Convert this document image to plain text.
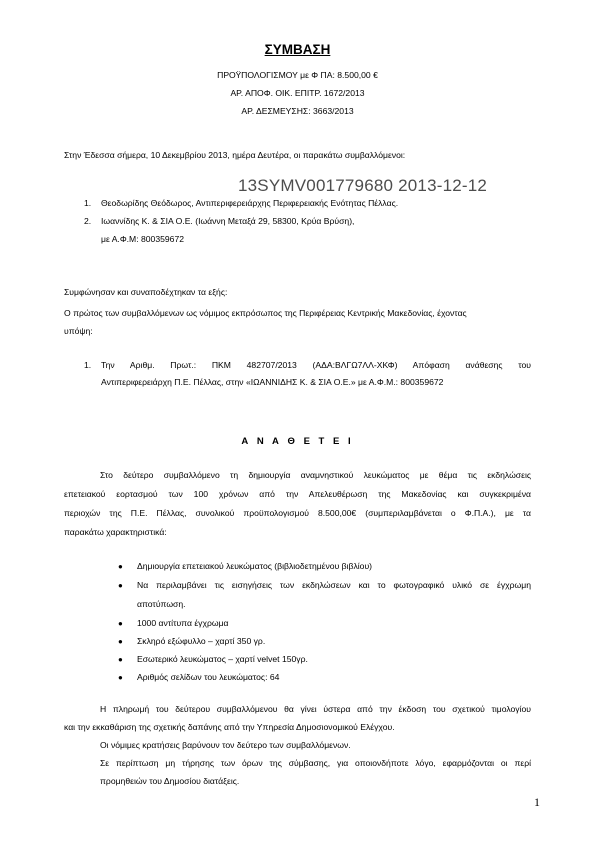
ΣΥΜΒΑΣΗ
ΠΡΟΫΠΟΛΟΓΙΣΜΟΥ με Φ ΠΑ: 8.500,00 €
ΑΡ. ΑΠΟΦ. ΟΙΚ. ΕΠΙΤΡ. 1672/2013
ΑΡ. ΔΕΣΜΕΥΣΗΣ: 3663/2013
Στην Έδεσσα σήμερα, 10 Δεκεμβρίου 2013, ημέρα Δευτέρα, οι παρακάτω συμβαλλόμενοι:
13SYMV001779680 2013-12-12
1. Θεοδωρίδης Θεόδωρος, Αντιπεριφερειάρχης Περιφερειακής Ενότητας Πέλλας.
2. Ιωαννίδης Κ. & ΣΙΑ Ο.Ε. (Ιωάννη Μεταξά 29, 58300, Κρύα Βρύση),
με Α.Φ.Μ: 800359672
Συμφώνησαν και συναποδέχτηκαν τα εξής:
Ο πρώτος των συμβαλλόμενων ως νόμιμος εκπρόσωπος της Περιφέρειας Κεντρικής Μακεδονίας, έχοντας
υπόψη:
1. Την Αριθμ. Πρωτ.: ΠΚΜ 482707/2013 (ΑΔΑ:ΒΛΓΩ7ΛΛ-ΧΚΦ) Απόφαση ανάθεσης του
Αντιπεριφερειάρχη Π.Ε. Πέλλας, στην «ΙΩΑΝΝΙΔΗΣ Κ. & ΣΙΑ Ο.Ε.» με Α.Φ.Μ.: 800359672
Α Ν Α Θ Ε Τ Ε Ι
Στο δεύτερο συμβαλλόμενο τη δημιουργία αναμνηστικού λευκώματος με θέμα τις εκδηλώσεις
επετειακού εορτασμού των 100 χρόνων από την Απελευθέρωση της Μακεδονίας και συγκεκριμένα
περιοχών της Π.Ε. Πέλλας, συνολικού προϋπολογισμού 8.500,00€ (συμπεριλαμβάνεται ο Φ.Π.Α.), με τα
παρακάτω χαρακτηριστικά:
● Δημιουργία επετειακού λευκώματος (βιβλιοδετημένου βιβλίου)
● Να περιλαμβάνει τις εισηγήσεις των εκδηλώσεων και το φωτογραφικό υλικό σε έγχρωμη
αποτύπωση.
● 1000 αντίτυπα έγχρωμα
● Σκληρό εξώφυλλο – χαρτί 350 γρ.
● Εσωτερικό λευκώματος – χαρτί velvet 150γρ.
● Αριθμός σελίδων του λευκώματος: 64
Η πληρωμή του δεύτερου συμβαλλόμενου θα γίνει ύστερα από την έκδοση του σχετικού τιμολογίου
και την εκκαθάριση της σχετικής δαπάνης από την Υπηρεσία Δημοσιονομικού Ελέγχου.
Οι νόμιμες κρατήσεις βαρύνουν τον δεύτερο των συμβαλλόμενων.
Σε περίπτωση μη τήρησης των όρων της σύμβασης, για οποιονδήποτε λόγο, εφαρμόζονται οι περί
προμηθειών του Δημοσίου διατάξεις.
1
